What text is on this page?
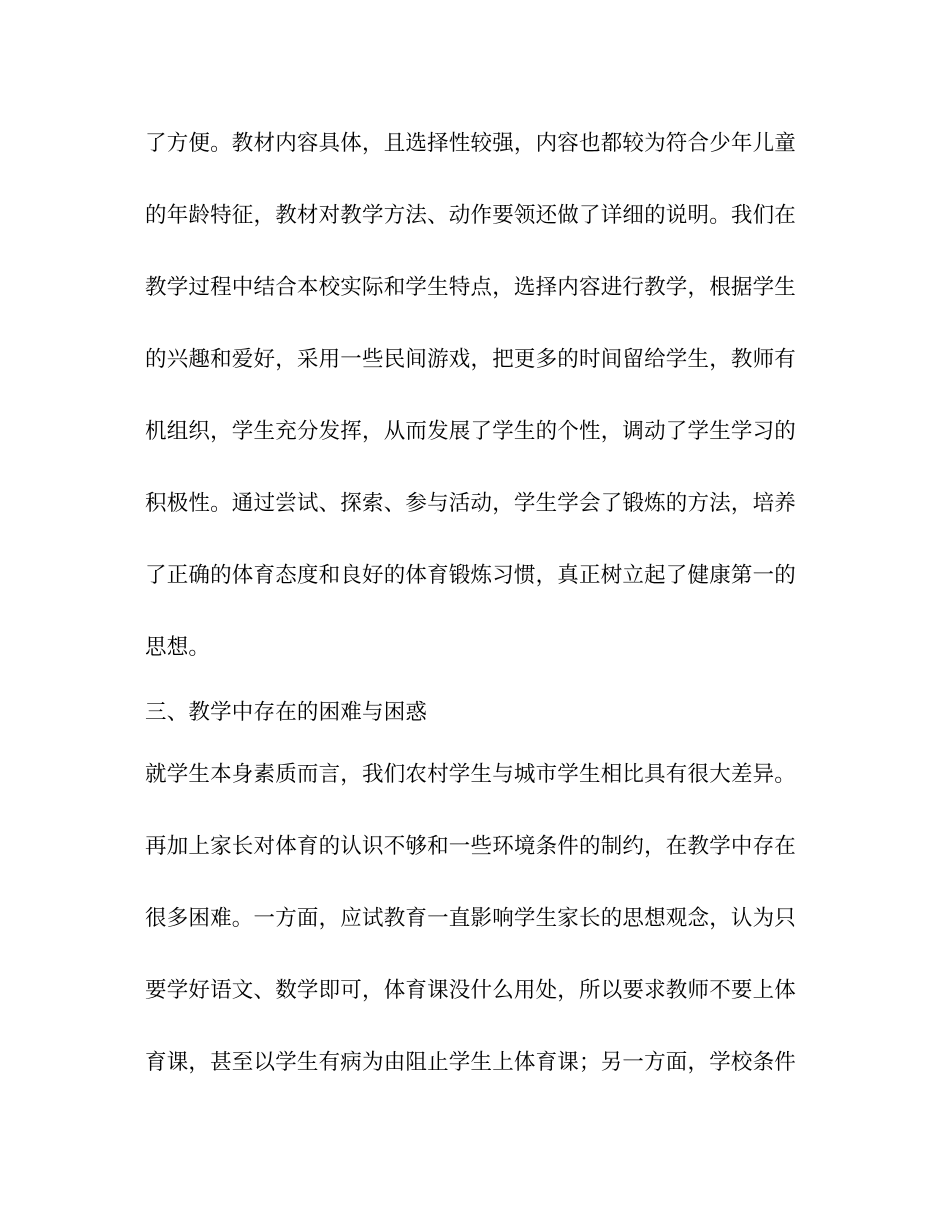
了方便。教材内容具体，且选择性较强，内容也都较为符合少年儿童
的年龄特征，教材对教学方法、动作要领还做了详细的说明。我们在
教学过程中结合本校实际和学生特点，选择内容进行教学，根据学生
的兴趣和爱好，采用一些民间游戏，把更多的时间留给学生，教师有
机组织，学生充分发挥，从而发展了学生的个性，调动了学生学习的
积极性。通过尝试、探索、参与活动，学生学会了锻炼的方法，培养
了正确的体育态度和良好的体育锻炼习惯，真正树立起了健康第一的
思想。
三、教学中存在的困难与困惑
就学生本身素质而言，我们农村学生与城市学生相比具有很大差异。
再加上家长对体育的认识不够和一些环境条件的制约，在教学中存在
很多困难。一方面，应试教育一直影响学生家长的思想观念，认为只
要学好语文、数学即可，体育课没什么用处，所以要求教师不要上体
育课，甚至以学生有病为由阻止学生上体育课；另一方面，学校条件
